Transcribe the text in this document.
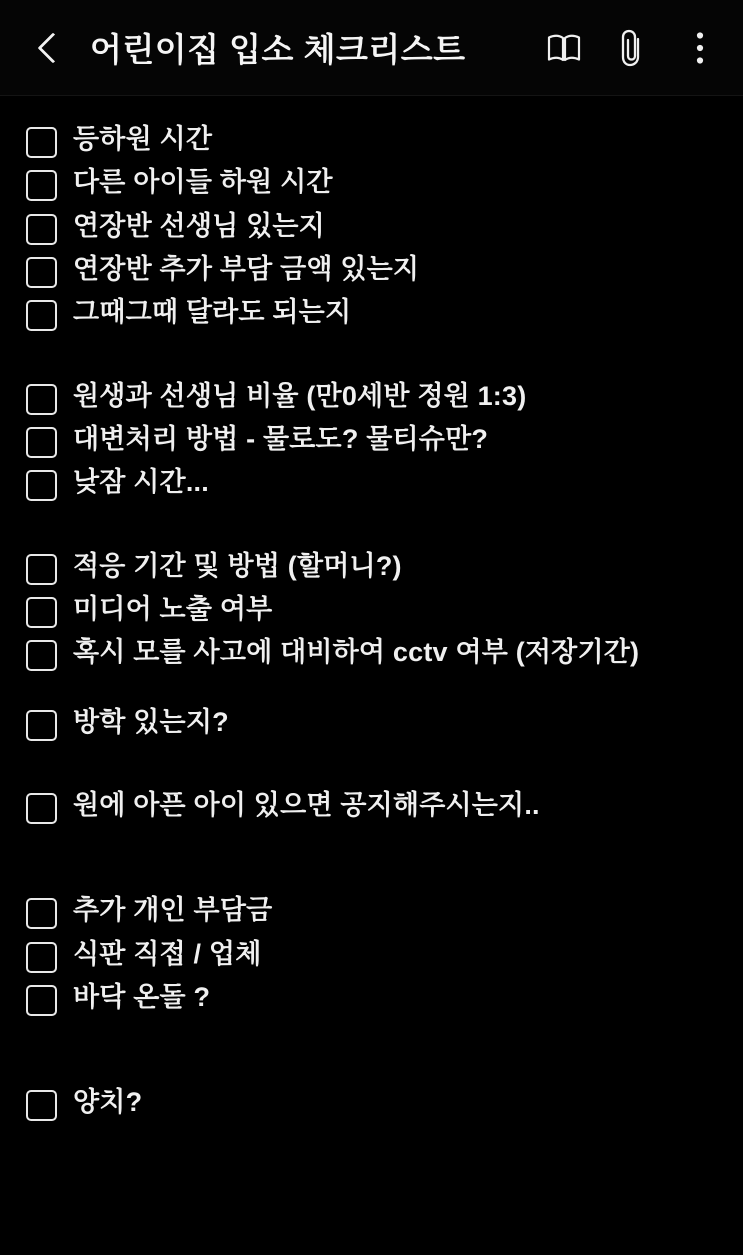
어린이집 입소 체크리스트
등하원 시간
다른 아이들 하원 시간
연장반 선생님 있는지
연장반 추가 부담 금액 있는지
그때그때 달라도 되는지
원생과 선생님 비율 (만0세반 정원 1:3)
대변처리 방법 - 물로도? 물티슈만?
낮잠 시간...
적응 기간 및 방법 (할머니?)
미디어 노출 여부
혹시 모를 사고에 대비하여 cctv 여부 (저장기간)
방학 있는지?
원에 아픈 아이 있으면 공지해주시는지..
추가 개인 부담금
식판 직접 / 업체
바닥 온돌 ?
양치?
